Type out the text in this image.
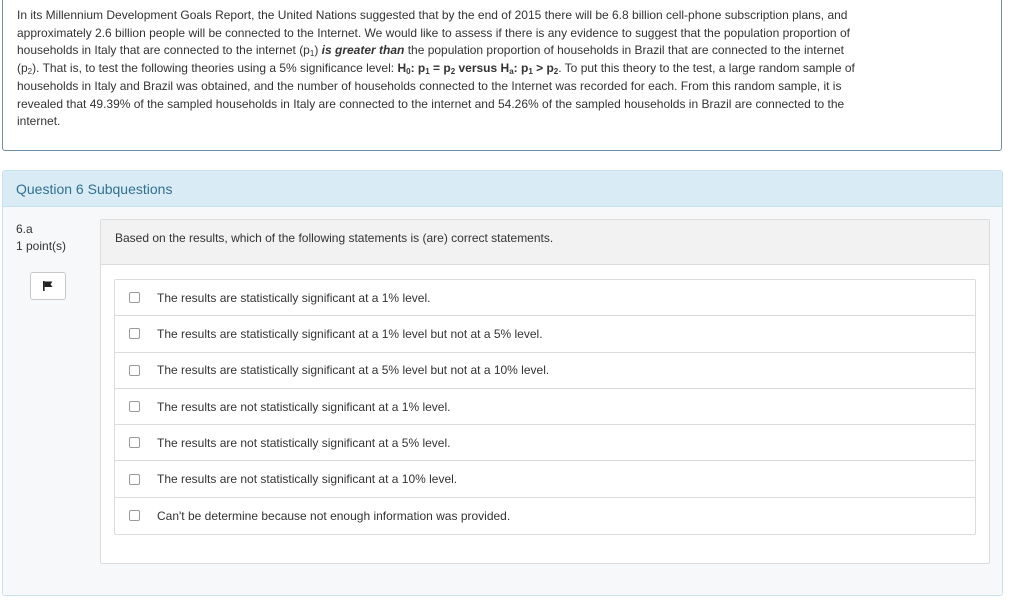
In its Millennium Development Goals Report, the United Nations suggested that by the end of 2015 there will be 6.8 billion cell-phone subscription plans, and approximately 2.6 billion people will be connected to the Internet. We would like to assess if there is any evidence to suggest that the population proportion of households in Italy that are connected to the internet $(p_1)$ is greater than the population proportion of households in Brazil that are connected to the internet $(p_2)$. That is, to test the following theories using a 5% significance level: $H_0$: $p_1 = p_2$ versus $H_a$: $p_1 > p_2$. To put this theory to the test, a large random sample of households in Italy and Brazil was obtained, and the number of households connected to the Internet was recorded for each. From this random sample, it is revealed that 49.39% of the sampled households in Italy are connected to the internet and 54.26% of the sampled households in Brazil are connected to the internet.
Question 6 Subquestions
6.a
1 point(s)
Based on the results, which of the following statements is (are) correct statements.
The results are statistically significant at a 1% level.
The results are statistically significant at a 1% level but not at a 5% level.
The results are statistically significant at a 5% level but not at a 10% level.
The results are not statistically significant at a 1% level.
The results are not statistically significant at a 5% level.
The results are not statistically significant at a 10% level.
Can't be determine because not enough information was provided.
